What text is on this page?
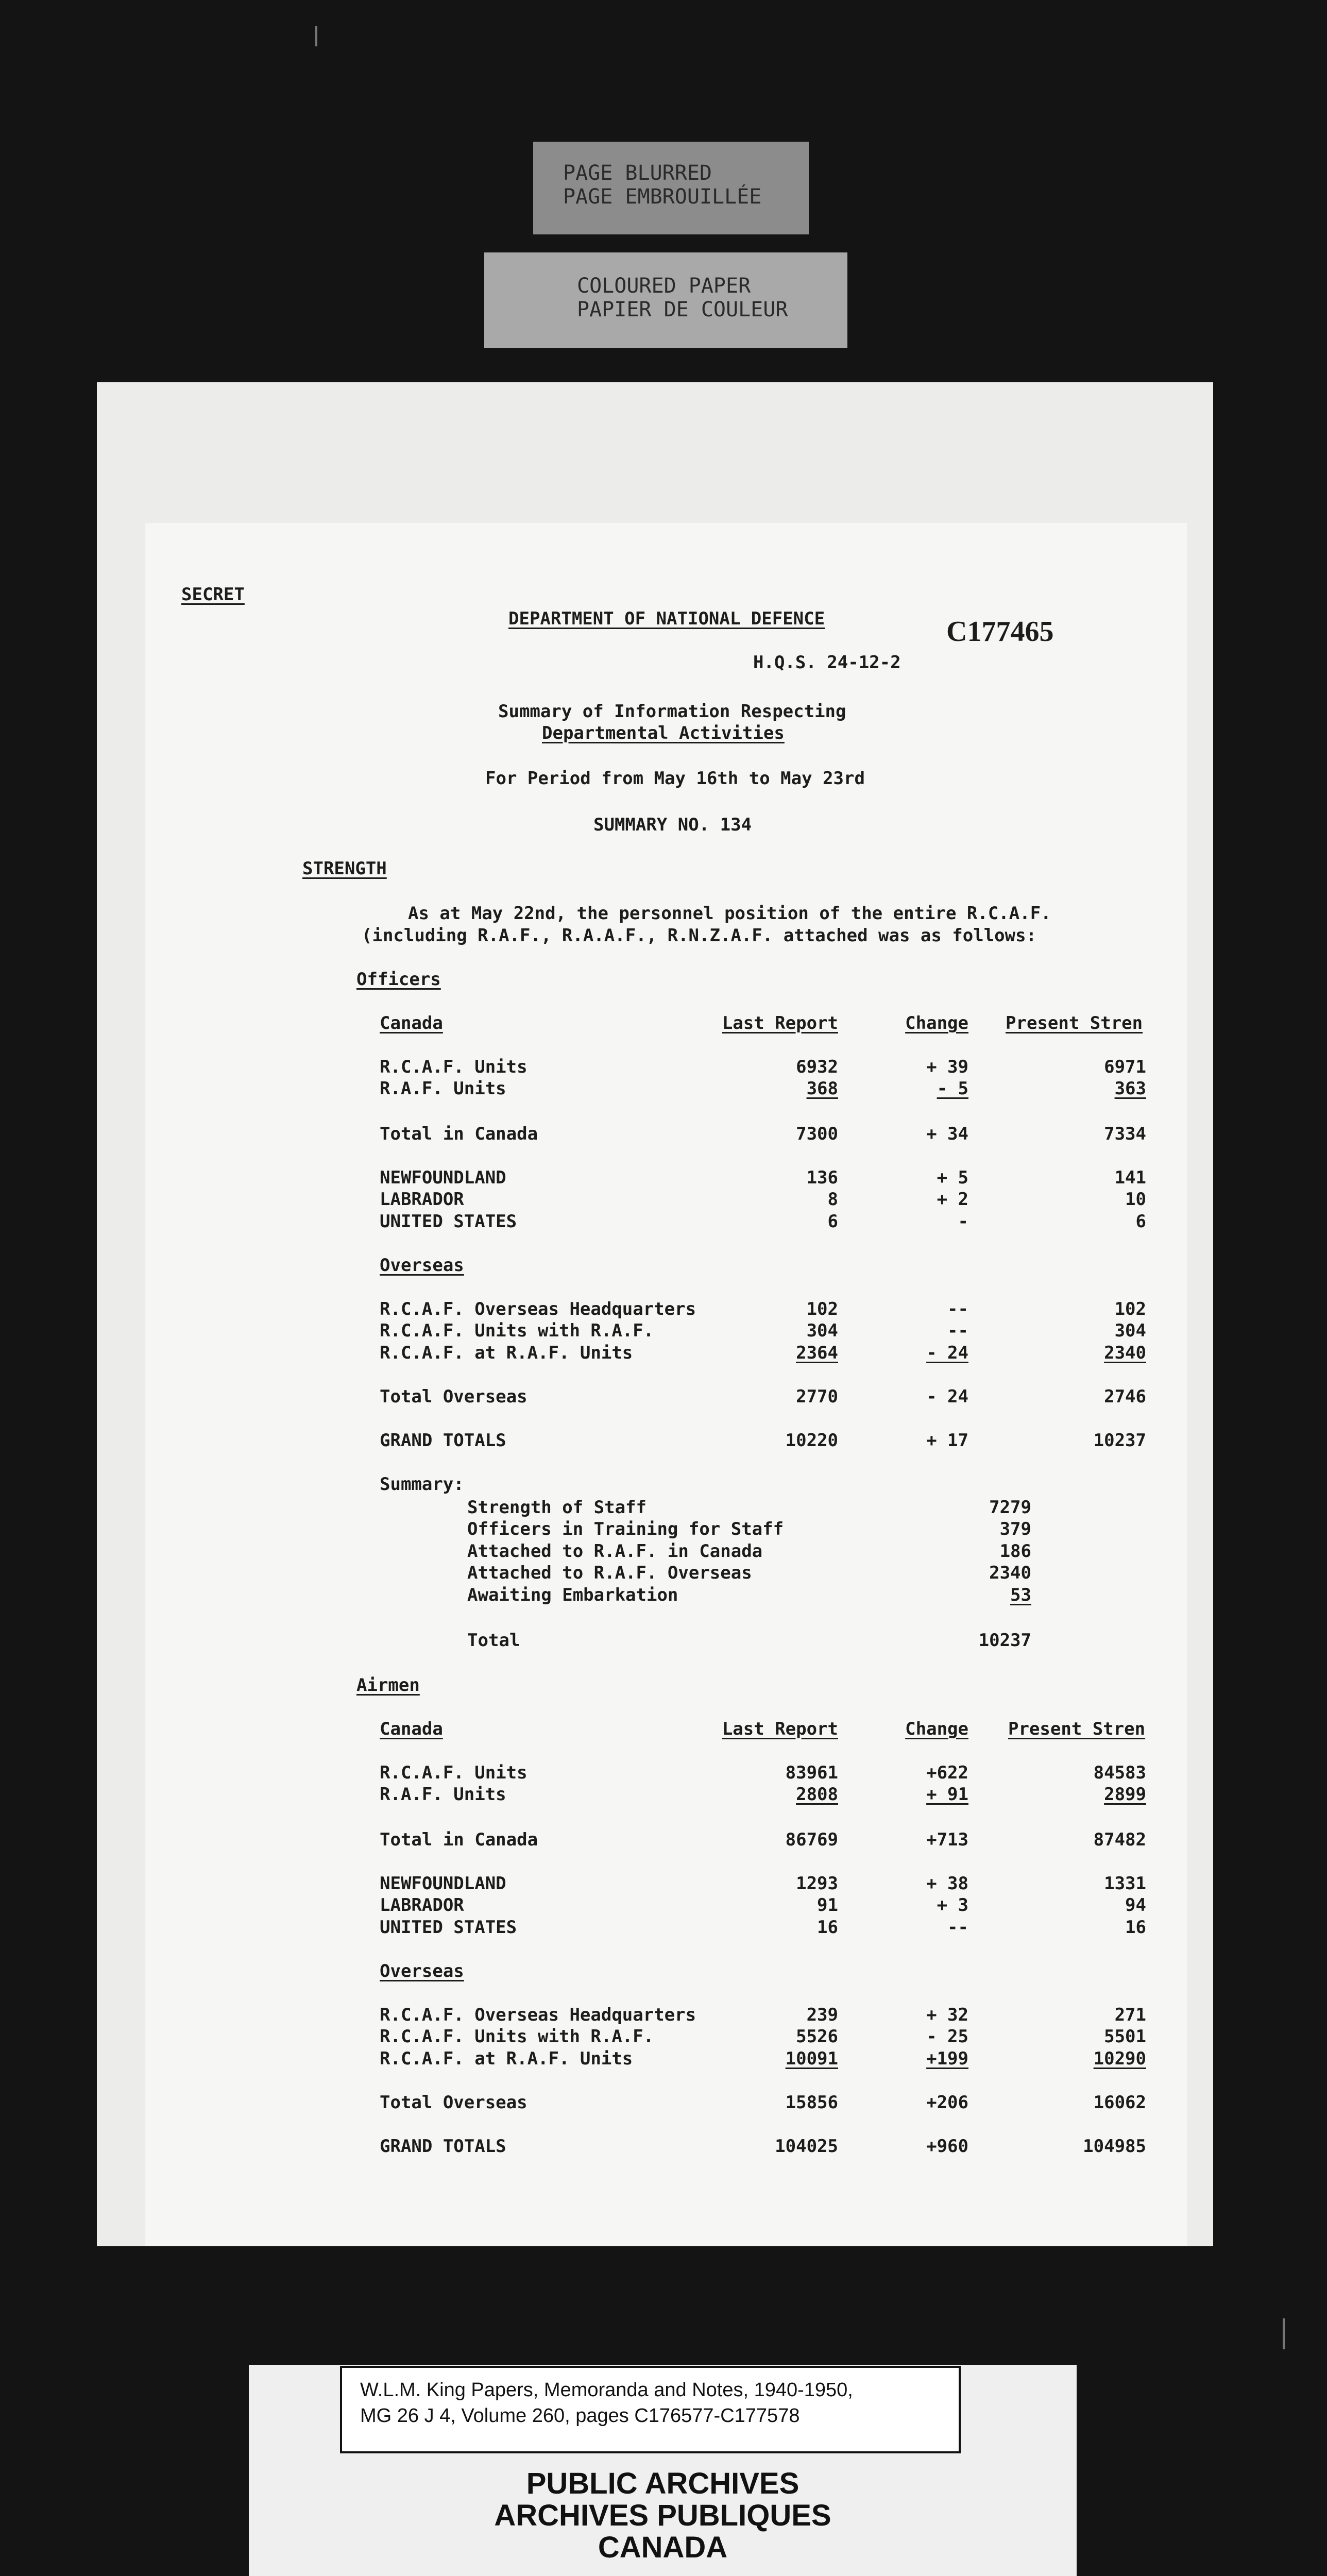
PAGE BLURRED
PAGE EMBROUILLÉE
COLOURED PAPER
PAPIER DE COULEUR
SECRET
DEPARTMENT OF NATIONAL DEFENCE	C177465
H.Q.S. 24-12-2
Summary of Information Respecting
Departmental Activities
For Period from May 16th to May 23rd
SUMMARY NO. 134
STRENGTH
As at May 22nd, the personnel position of the entire R.C.A.F.
(including R.A.F., R.A.A.F., R.N.Z.A.F. attached was as follows:
Officers
Canada	Last Report	Change Present Stren
R.C.A.F. Units	6932	+ 39	6971
R.A.F. Units	368	- 5	363
Total in Canada	7300	+ 34	7334
NEWFOUNDLAND	136	+ 5	141
LABRADOR	8	+ 2	10
UNITED STATES	6	-	6
Overseas
R.C.A.F. Overseas Headquarters	102	--	102
R.C.A.F. Units with R.A.F.	304	--	304
R.C.A.F. at R.A.F. Units	2364	- 24	2340
Total Overseas	2770	- 24	2746
GRAND TOTALS	10220	+ 17	10237
Summary:
Strength of Staff	7279
Officers in Training for Staff	379
Attached to R.A.F. in Canada	186
Attached to R.A.F. Overseas	2340
Awaiting Embarkation	53
Total	10237
Airmen
Canada	Last Report	Change Present Stren
R.C.A.F. Units	83961	+622	84583
R.A.F. Units	2808	+ 91	2899
Total in Canada	86769	+713	87482
NEWFOUNDLAND	1293	+ 38	1331
LABRADOR	91	+ 3	94
UNITED STATES	16	--	16
Overseas
R.C.A.F. Overseas Headquarters	239	+ 32	271
R.C.A.F. Units with R.A.F.	5526	- 25	5501
R.C.A.F. at R.A.F. Units	10091	+199	10290
Total Overseas	15856	+206	16062
GRAND TOTALS	104025	+960	104985
W.L.M. King Papers, Memoranda and Notes, 1940-1950,
MG 26 J 4, Volume 260, pages C176577-C177578
PUBLIC ARCHIVES
ARCHIVES PUBLIQUES
CANADA
